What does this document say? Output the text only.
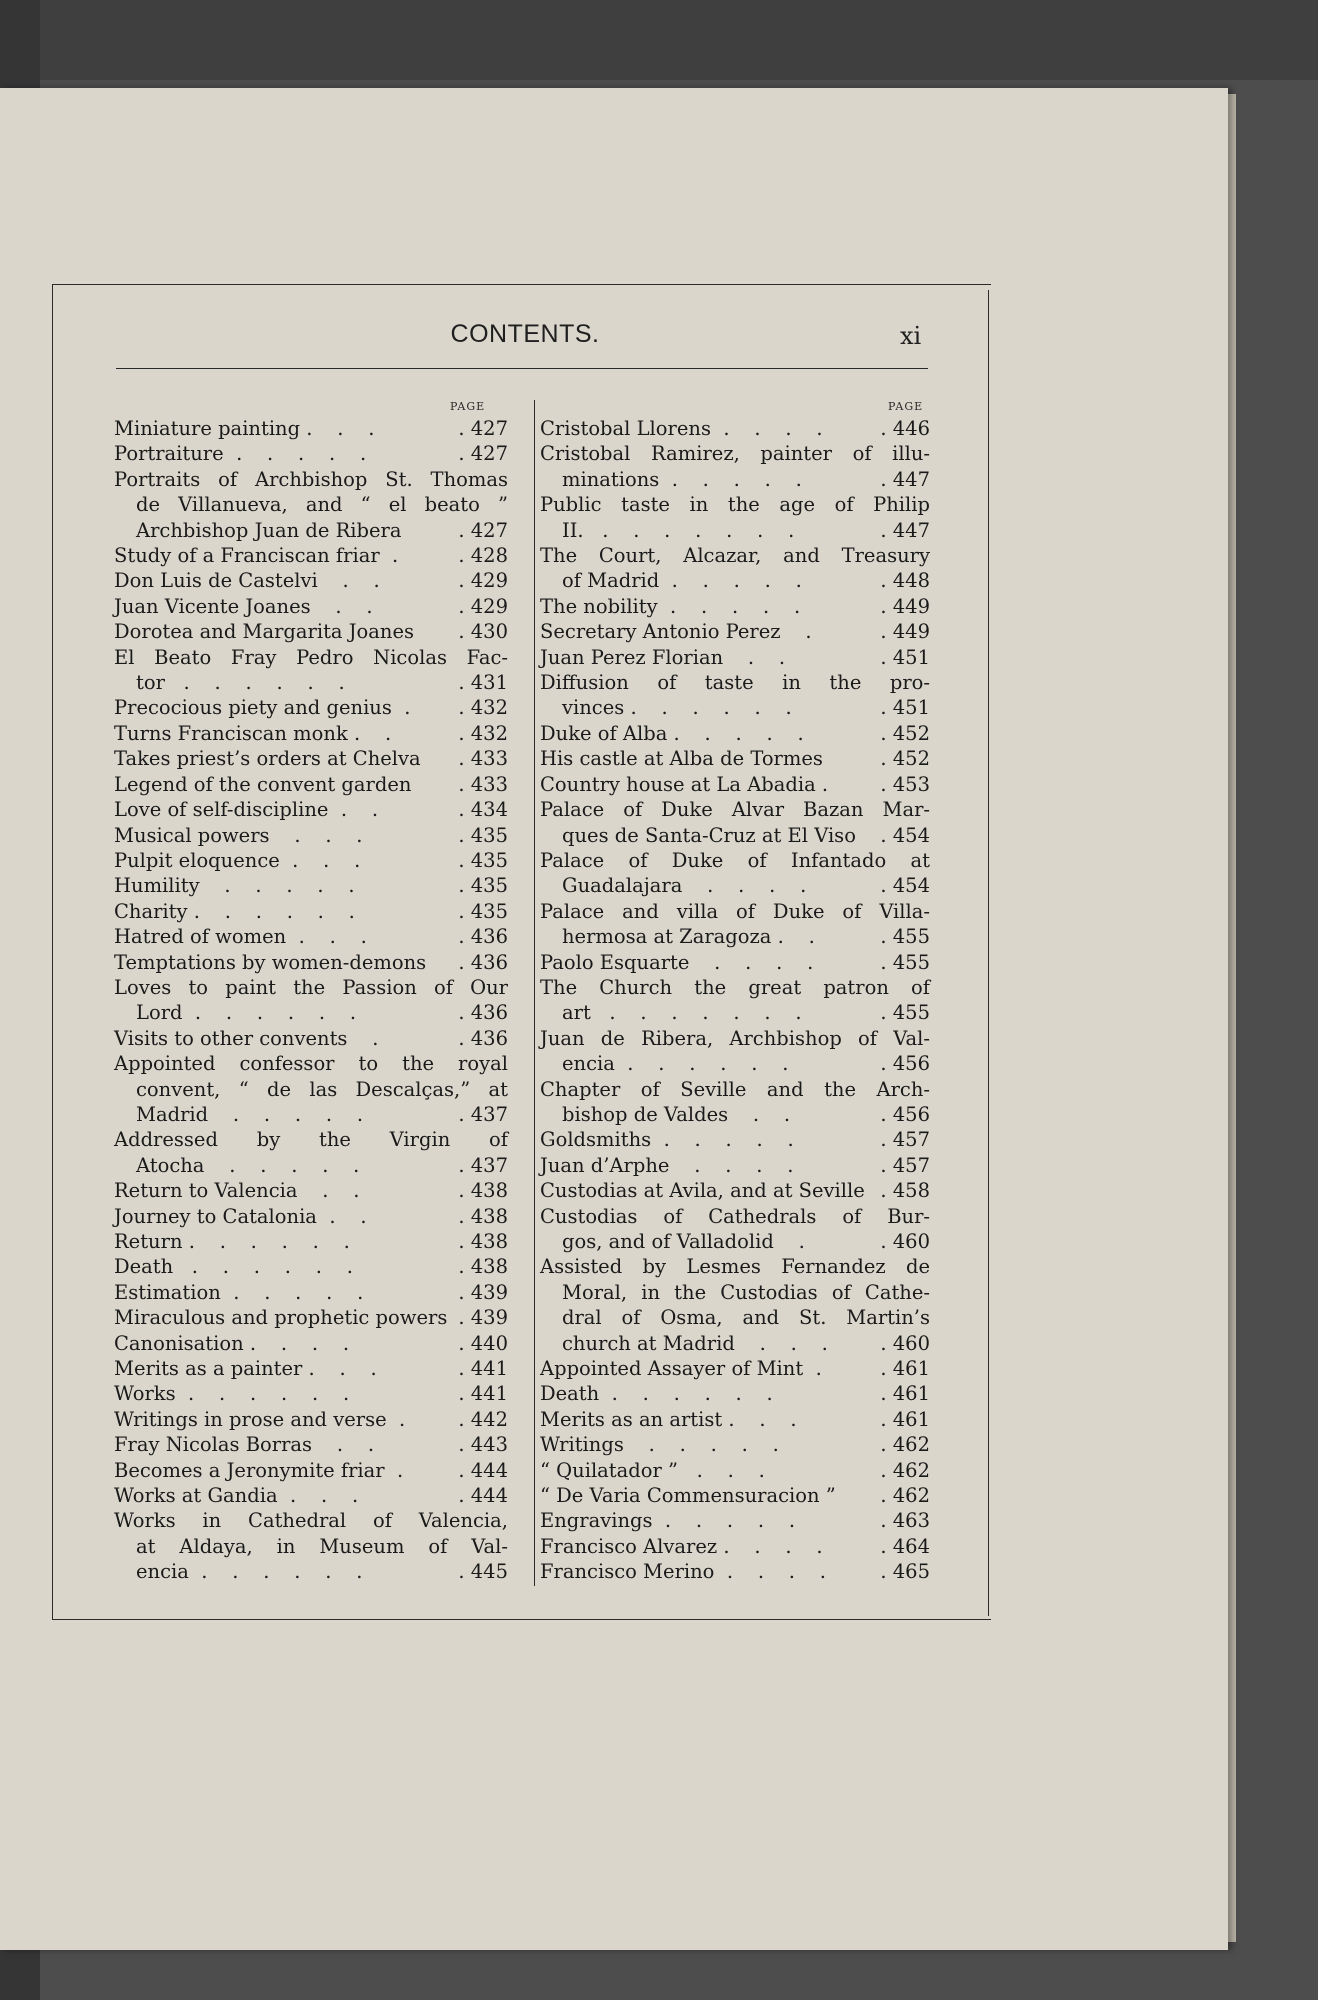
CONTENTS.	xi
PAGE	PAGE
Miniature painting .    .    .	. 427
Portraiture  .    .    .    .    .	. 427
Portraits of Archbishop St. Thomas
de Villanueva, and “ el beato ”
Archbishop Juan de Ribera	. 427
Study of a Franciscan friar  .	. 428
Don Luis de Castelvi    .    .	. 429
Juan Vicente Joanes    .    .	. 429
Dorotea and Margarita Joanes . 430
El Beato Fray Pedro Nicolas Fac-
tor   .    .    .    .    .    .	. 431
Precocious piety and genius  . . 432
Turns Franciscan monk .    .	. 432
Takes priest’s orders at Chelva . 433
Legend of the convent garden . 433
Love of self-discipline  .    .	. 434
Musical powers    .    .    .	. 435
Pulpit eloquence  .    .    .	. 435
Humility    .    .    .    .    .	. 435
Charity .    .    .    .    .    .	. 435
Hatred of women  .    .    .	. 436
Temptations by women-demons . 436
Loves to paint the Passion of Our
Lord  .    .    .    .    .    .	. 436
Visits to other convents    .	. 436
Appointed confessor to the royal
convent, “ de las Descalças,” at
Madrid    .    .    .    .    .	. 437
Addressed by the Virgin of
Atocha    .    .    .    .    .	. 437
Return to Valencia    .    .	. 438
Journey to Catalonia  .    .	. 438
Return .    .    .    .    .    .	. 438
Death   .    .    .    .    .    .	. 438
Estimation  .    .    .    .    .	. 439
Miraculous and prophetic powers . 439
Canonisation .    .    .    .	. 440
Merits as a painter .    .    .	. 441
Works  .    .    .    .    .    .	. 441
Writings in prose and verse  .	. 442
Fray Nicolas Borras    .    .	. 443
Becomes a Jeronymite friar  .	. 444
Works at Gandia  .    .    .	. 444
Works in Cathedral of Valencia,
at Aldaya, in Museum of Val-
encia  .    .    .    .    .    .	. 445
Cristobal Llorens  .    .    .    .	. 446
Cristobal Ramirez, painter of illu-
minations  .    .    .    .    .	. 447
Public taste in the age of Philip
II.   .    .    .    .    .    .    .	. 447
The Court, Alcazar, and Treasury
of Madrid  .    .    .    .    .	. 448
The nobility  .    .    .    .    .	. 449
Secretary Antonio Perez    .	. 449
Juan Perez Florian    .    .	. 451
Diffusion of taste in the pro-
vinces .    .    .    .    .    .	. 451
Duke of Alba .    .    .    .    .	. 452
His castle at Alba de Tormes	. 452
Country house at La Abadia .	. 453
Palace of Duke Alvar Bazan Mar-
ques de Santa-Cruz at El Viso . 454
Palace of Duke of Infantado at
Guadalajara    .    .    .    .	. 454
Palace and villa of Duke of Villa-
hermosa at Zaragoza .    .	. 455
Paolo Esquarte    .    .    .    .	. 455
The Church the great patron of
art   .    .    .    .    .    .    .	. 455
Juan de Ribera, Archbishop of Val-
encia  .    .    .    .    .    .	. 456
Chapter of Seville and the Arch-
bishop de Valdes    .    .	. 456
Goldsmiths  .    .    .    .    .	. 457
Juan d’Arphe    .    .    .    .	. 457
Custodias at Avila, and at Seville . 458
Custodias of Cathedrals of Bur-
gos, and of Valladolid    .	. 460
Assisted by Lesmes Fernandez de
Moral, in the Custodias of Cathe-
dral of Osma, and St. Martin’s
church at Madrid    .    .    .	. 460
Appointed Assayer of Mint  .	. 461
Death  .    .    .    .    .    .	. 461
Merits as an artist .    .    .	. 461
Writings    .    .    .    .    .	. 462
“ Quilatador ”   .    .    .	. 462
“ De Varia Commensuracion ” . 462
Engravings  .    .    .    .    .	. 463
Francisco Alvarez .    .    .    .	. 464
Francisco Merino  .    .    .    .	. 465
